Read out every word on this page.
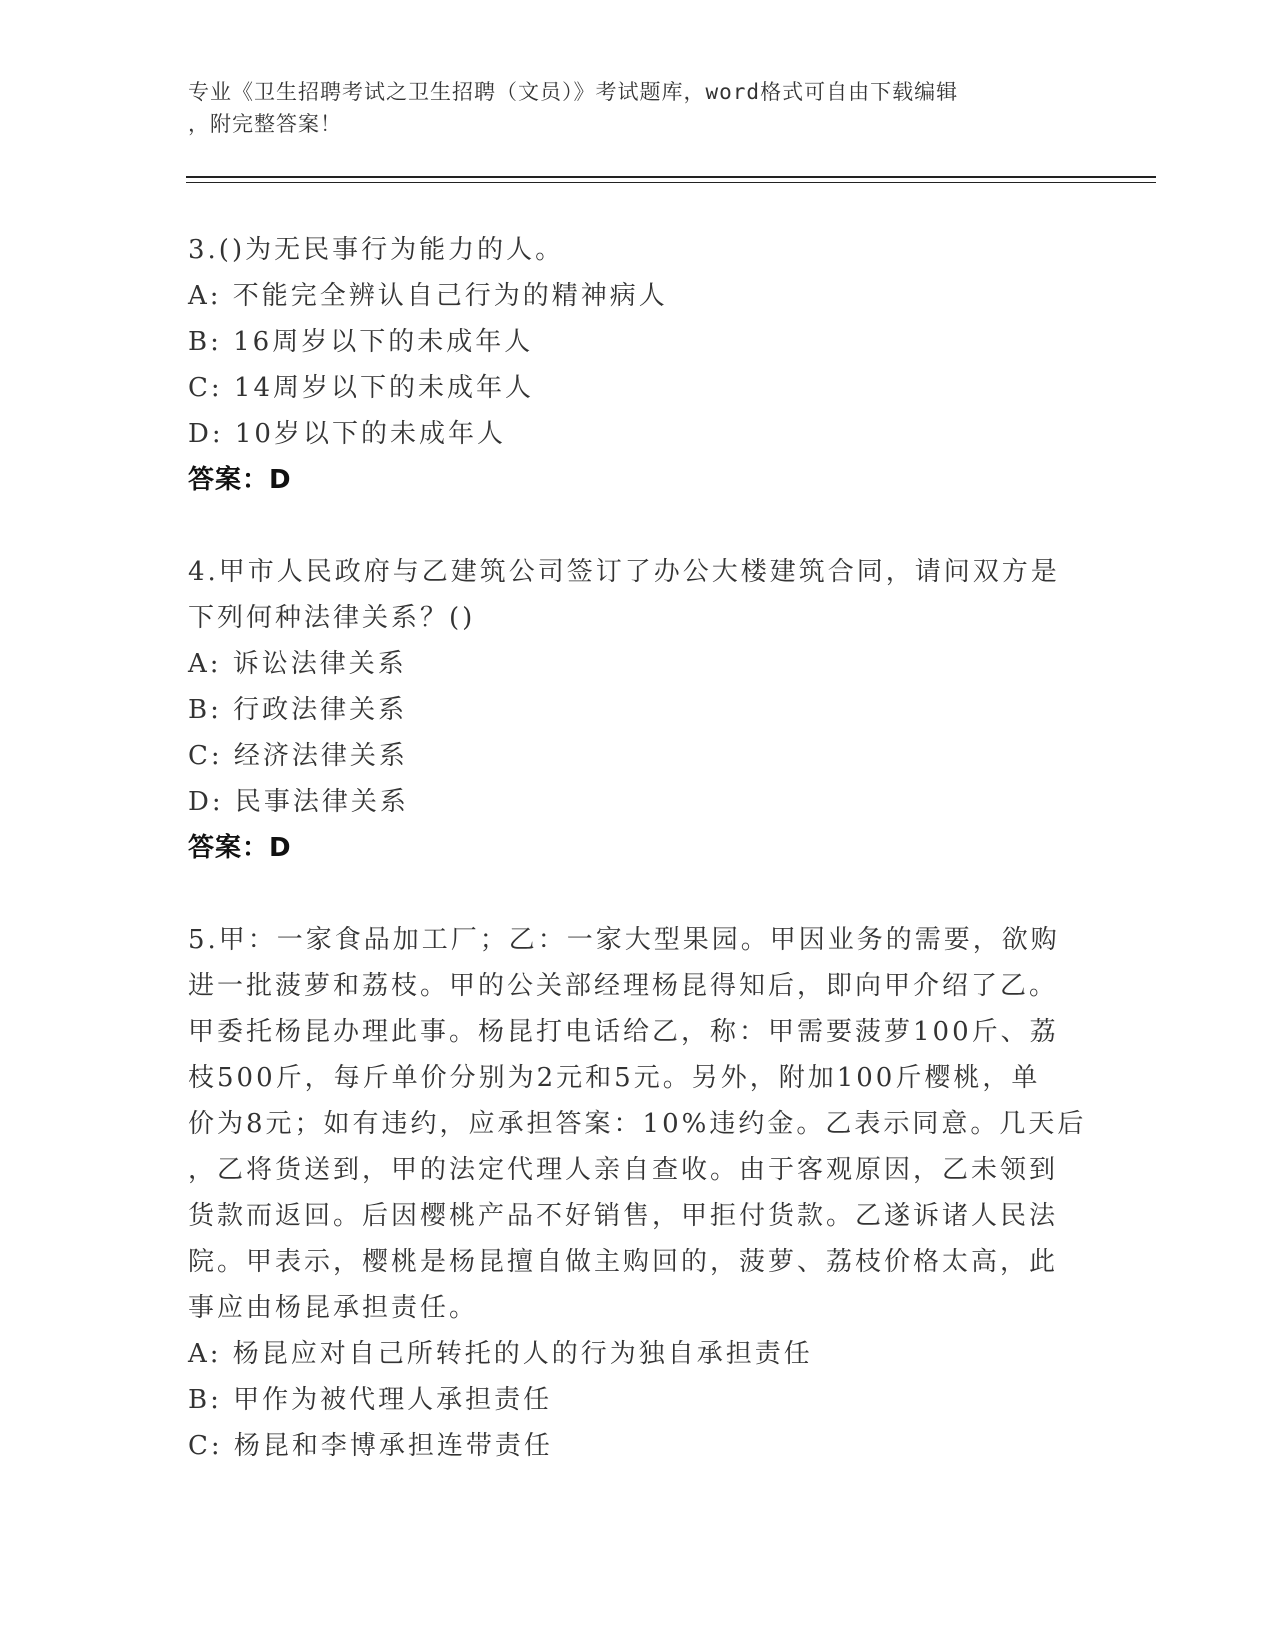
专业《卫生招聘考试之卫生招聘（文员）》考试题库，word格式可自由下载编辑
，附完整答案！
3.()为无民事行为能力的人。
A: 不能完全辨认自己行为的精神病人
B: 16周岁以下的未成年人
C: 14周岁以下的未成年人
D: 10岁以下的未成年人
答案：D
4.甲市人民政府与乙建筑公司签订了办公大楼建筑合同，请问双方是
下列何种法律关系？()
A: 诉讼法律关系
B: 行政法律关系
C: 经济法律关系
D: 民事法律关系
答案：D
5.甲：一家食品加工厂；乙：一家大型果园。甲因业务的需要，欲购
进一批菠萝和荔枝。甲的公关部经理杨昆得知后，即向甲介绍了乙。
甲委托杨昆办理此事。杨昆打电话给乙，称：甲需要菠萝100斤、荔
枝500斤，每斤单价分别为2元和5元。另外，附加100斤樱桃，单
价为8元；如有违约，应承担答案：10%违约金。乙表示同意。几天后
，乙将货送到，甲的法定代理人亲自查收。由于客观原因，乙未领到
货款而返回。后因樱桃产品不好销售，甲拒付货款。乙遂诉诸人民法
院。甲表示，樱桃是杨昆擅自做主购回的，菠萝、荔枝价格太高，此
事应由杨昆承担责任。
A: 杨昆应对自己所转托的人的行为独自承担责任
B: 甲作为被代理人承担责任
C: 杨昆和李博承担连带责任
